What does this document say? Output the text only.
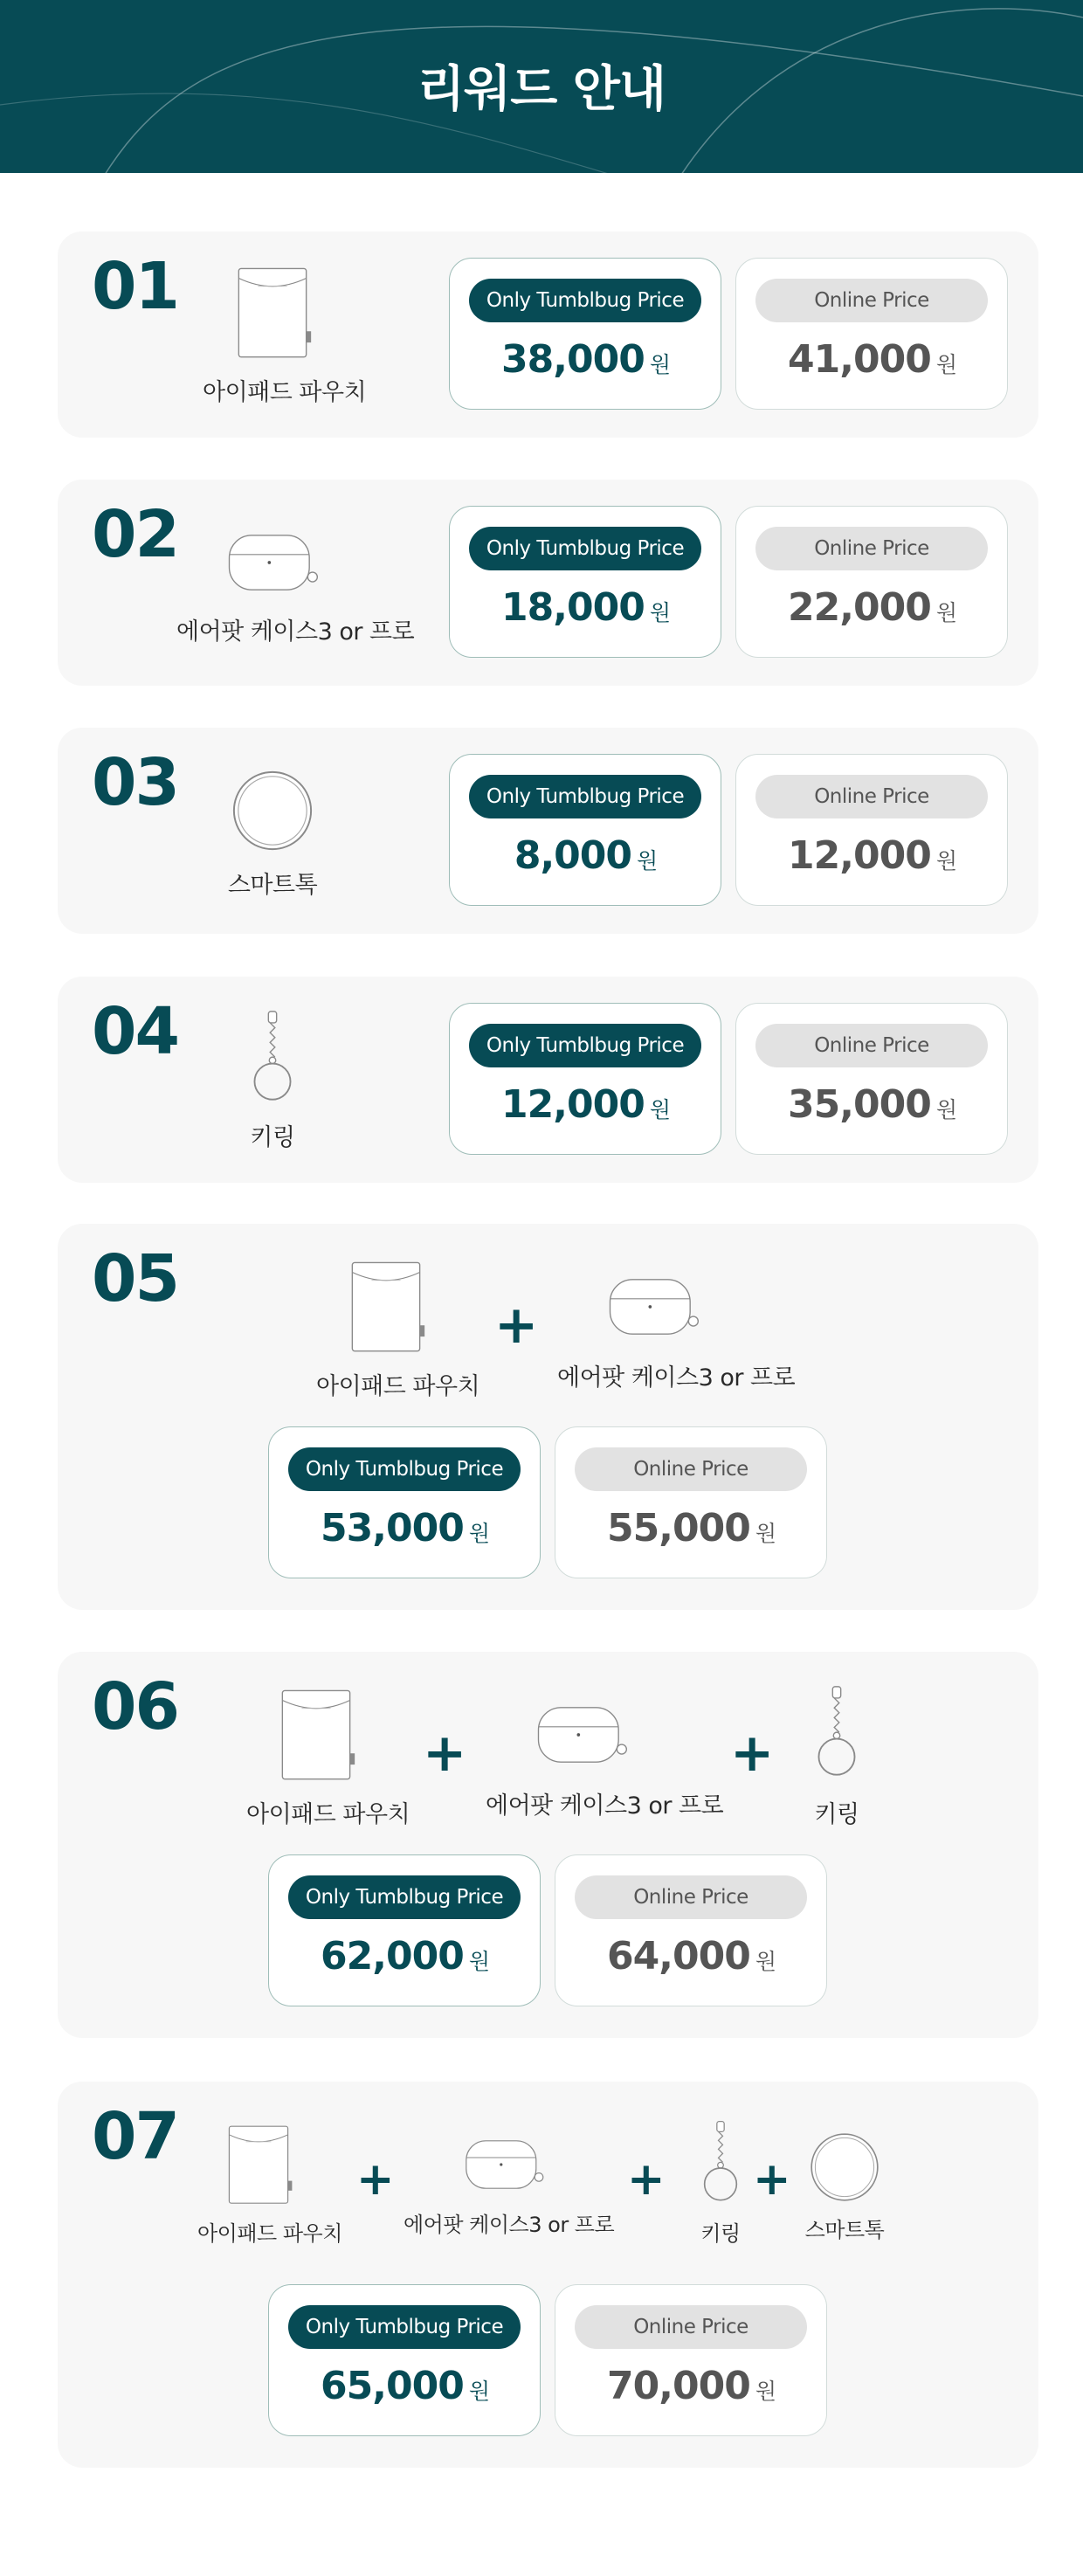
리워드 안내
01
아이패드 파우치
Only Tumblbug Price
38,000 원
Online Price
41,000 원
02
에어팟 케이스3 or 프로
Only Tumblbug Price
18,000 원
Online Price
22,000 원
03
스마트톡
Only Tumblbug Price
8,000 원
Online Price
12,000 원
04
키링
Only Tumblbug Price
12,000 원
Online Price
35,000 원
05
아이패드 파우치
+
에어팟 케이스3 or 프로
Only Tumblbug Price
53,000 원
Online Price
55,000 원
06
아이패드 파우치
+
에어팟 케이스3 or 프로
+
키링
Only Tumblbug Price
62,000 원
Online Price
64,000 원
07
아이패드 파우치
+
에어팟 케이스3 or 프로
+
키링
+
스마트톡
Only Tumblbug Price
65,000 원
Online Price
70,000 원
